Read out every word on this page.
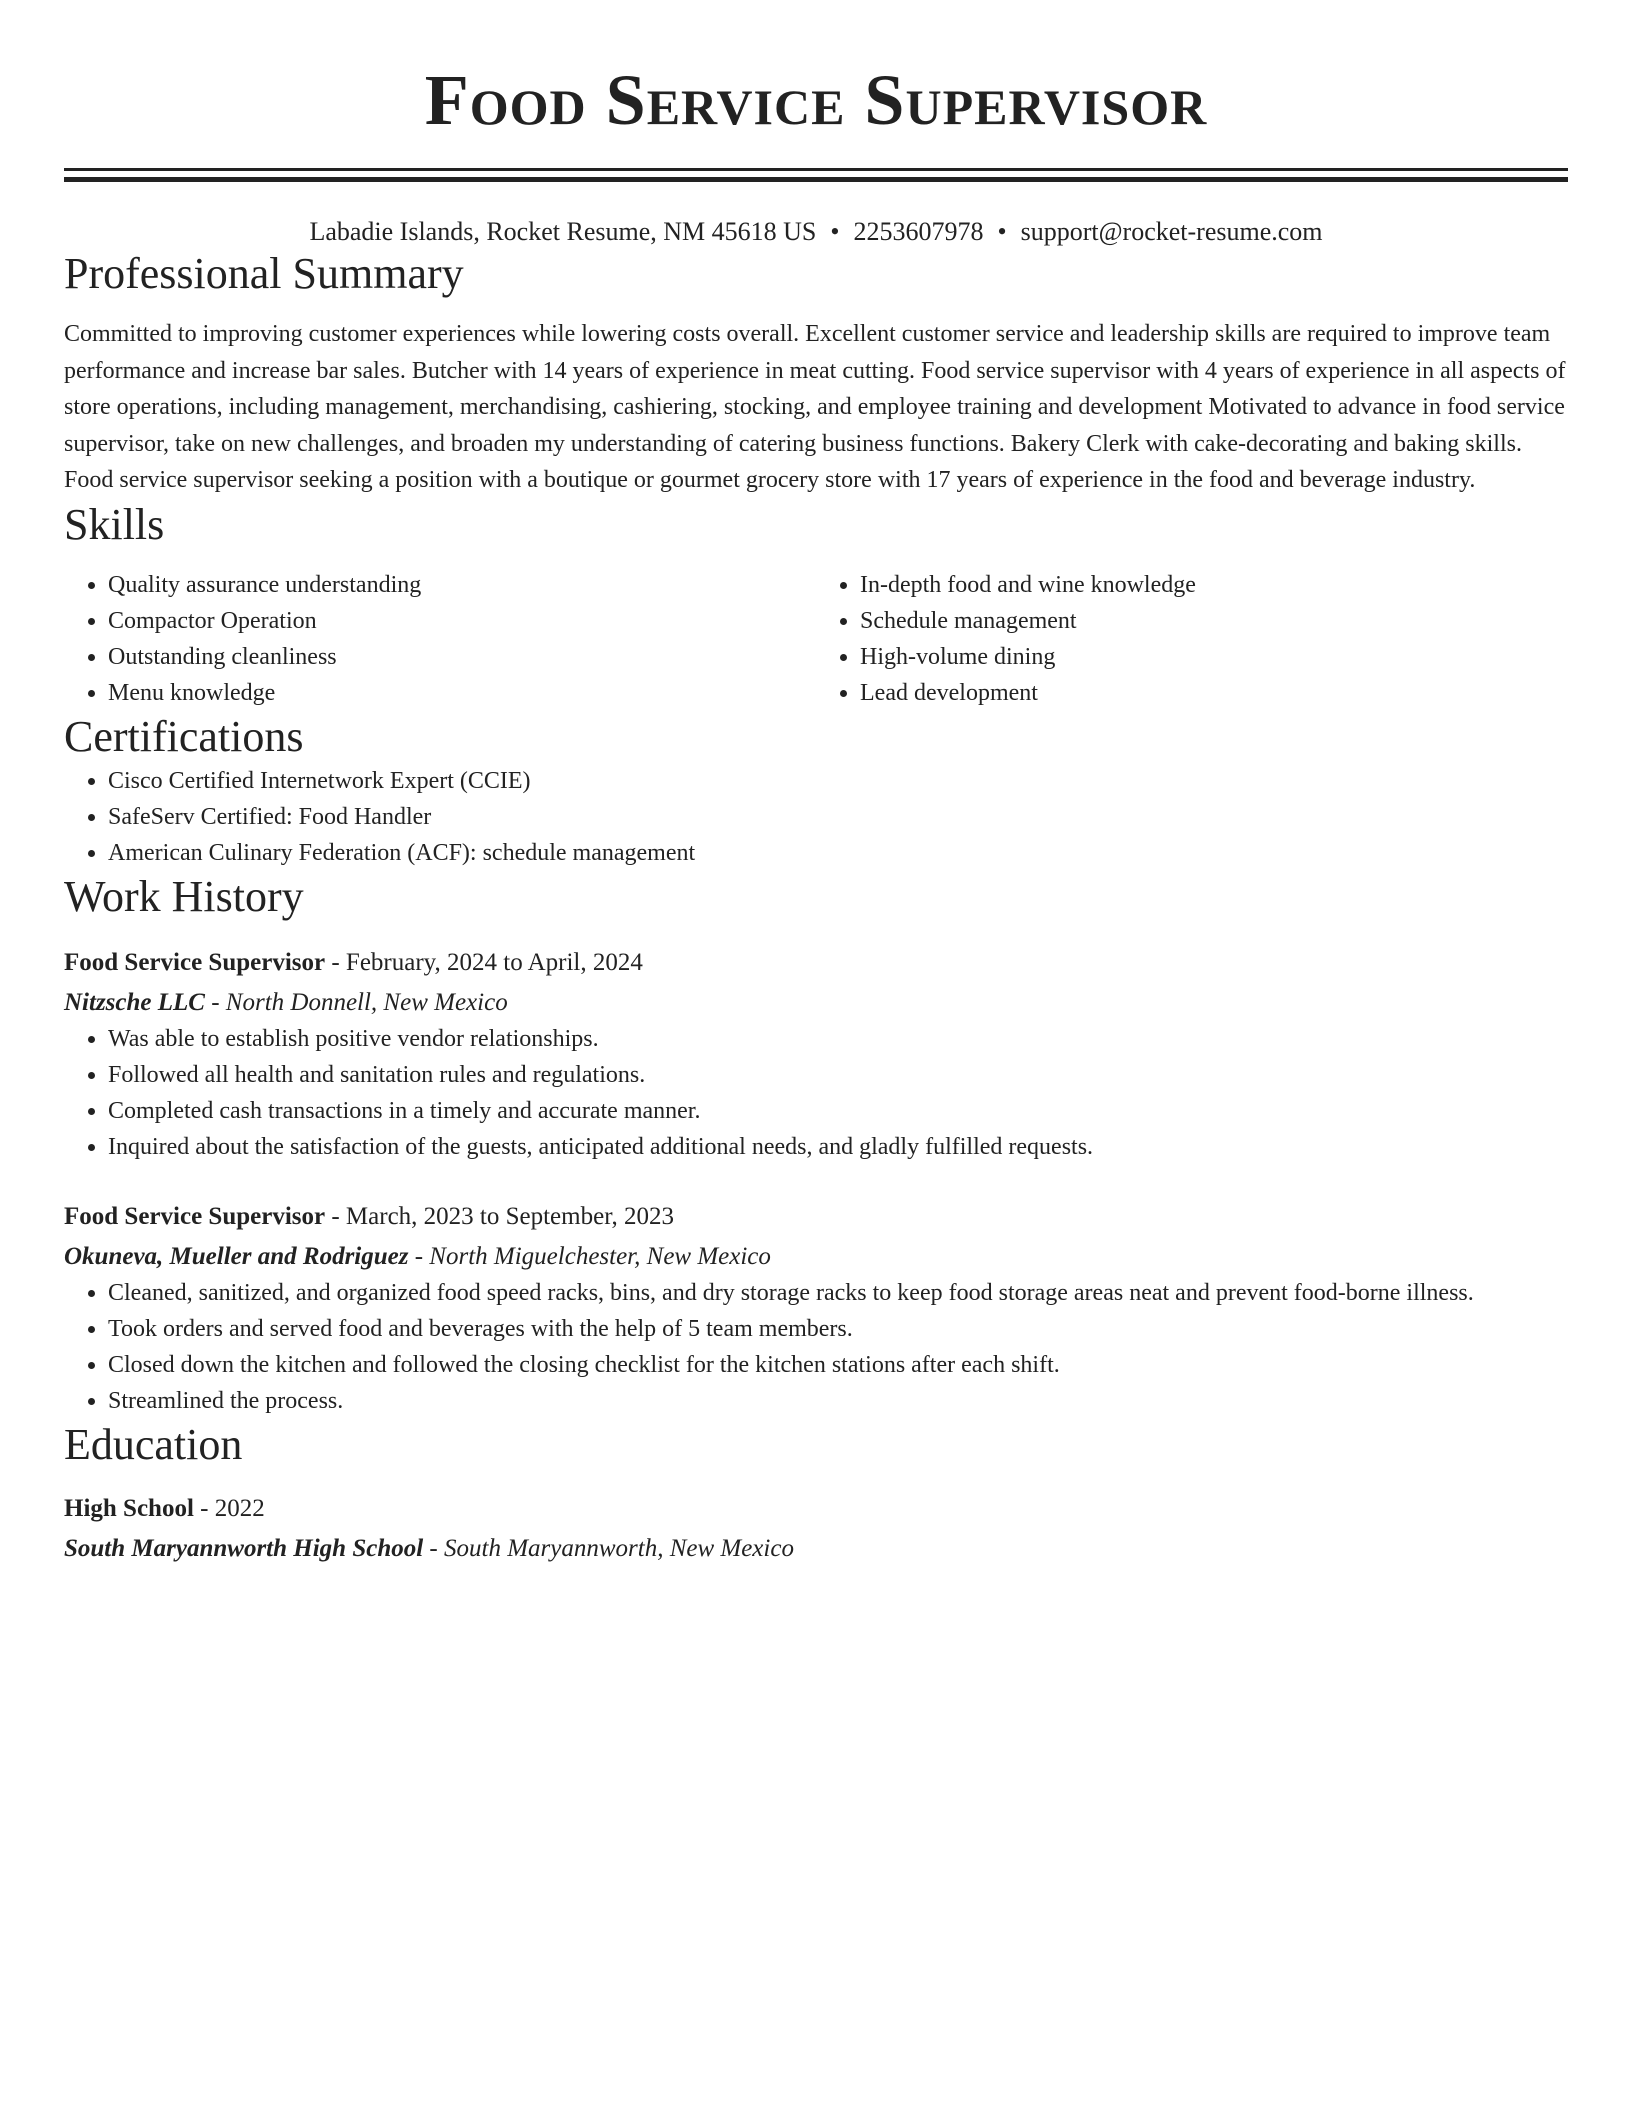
Food Service Supervisor
Labadie Islands, Rocket Resume, NM 45618 US • 2253607978 • support@rocket-resume.com
Professional Summary

Committed to improving customer experiences while lowering costs overall. Excellent customer service and leadership skills are required to improve team performance and increase bar sales. Butcher with 14 years of experience in meat cutting. Food service supervisor with 4 years of experience in all aspects of store operations, including management, merchandising, cashiering, stocking, and employee training and development Motivated to advance in food service supervisor, take on new challenges, and broaden my understanding of catering business functions. Bakery Clerk with cake-decorating and baking skills. Food service supervisor seeking a position with a boutique or gourmet grocery store with 17 years of experience in the food and beverage industry.

Skills
• Quality assurance understanding
• Compactor Operation
• Outstanding cleanliness
• Menu knowledge
• In-depth food and wine knowledge
• Schedule management
• High-volume dining
• Lead development
Certifications
• Cisco Certified Internetwork Expert (CCIE)
• SafeServ Certified: Food Handler
• American Culinary Federation (ACF): schedule management
Work History
Food Service Supervisor - February, 2024 to April, 2024
Nitzsche LLC - North Donnell, New Mexico
• Was able to establish positive vendor relationships.
• Followed all health and sanitation rules and regulations.
• Completed cash transactions in a timely and accurate manner.
• Inquired about the satisfaction of the guests, anticipated additional needs, and gladly fulfilled requests.
Food Service Supervisor - March, 2023 to September, 2023
Okuneva, Mueller and Rodriguez - North Miguelchester, New Mexico
• Cleaned, sanitized, and organized food speed racks, bins, and dry storage racks to keep food storage areas neat and prevent food-borne illness.
• Took orders and served food and beverages with the help of 5 team members.
• Closed down the kitchen and followed the closing checklist for the kitchen stations after each shift.
• Streamlined the process.
Education
High School - 2022
South Maryannworth High School - South Maryannworth, New Mexico
